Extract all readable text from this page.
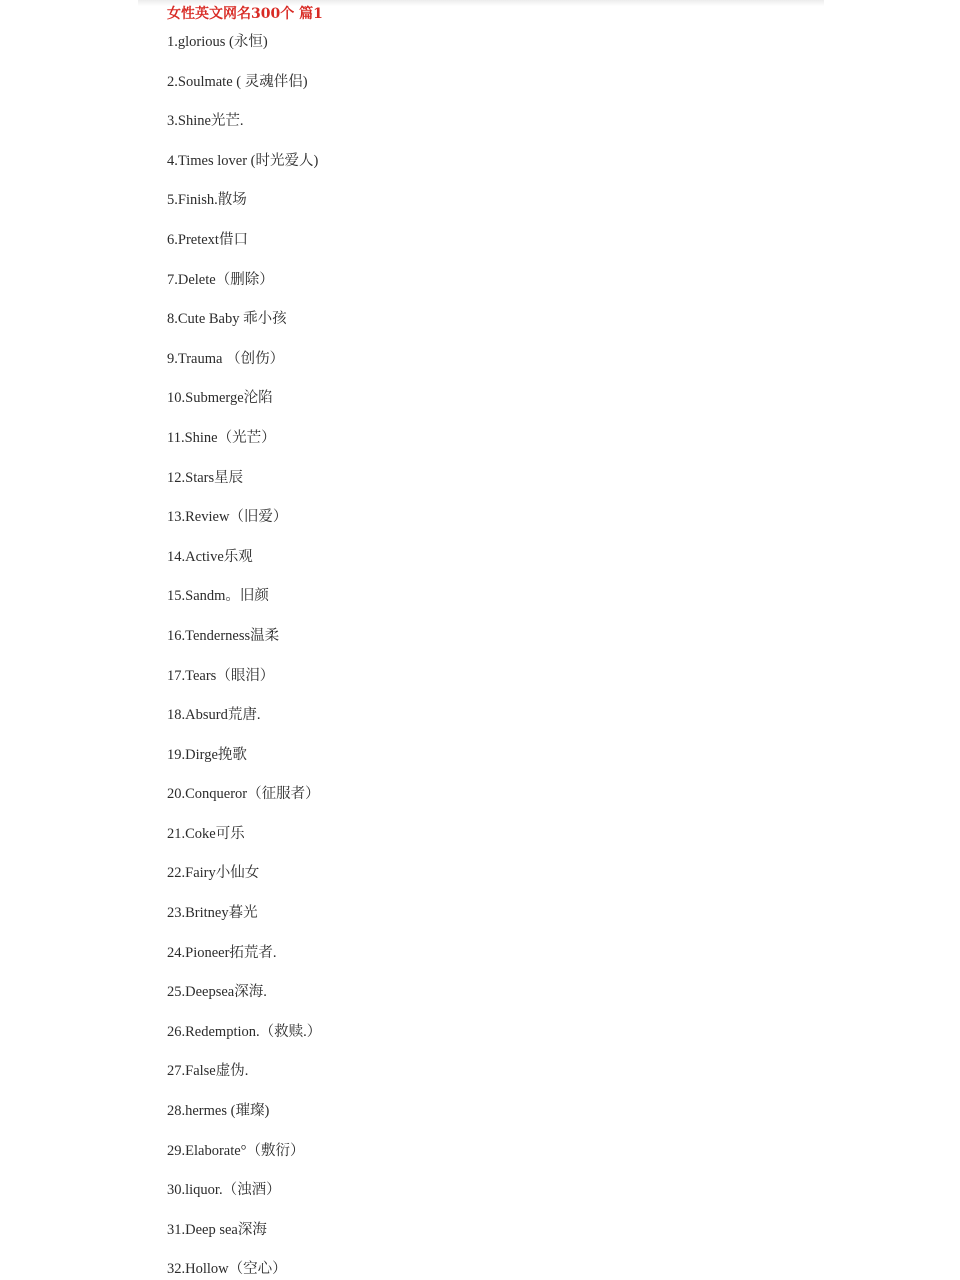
女性英文网名300个 篇1
1.glorious (永恒)
2.Soulmate ( 灵魂伴侣)
3.Shine光芒.
4.Times lover (时光爱人)
5.Finish.散场
6.Pretext借口
7.Delete（删除）
8.Cute Baby 乖小孩
9.Trauma （创伤）
10.Submerge沦陷
11.Shine（光芒）
12.Stars星辰
13.Review（旧爱）
14.Active乐观
15.Sandm。旧颜
16.Tenderness温柔
17.Tears（眼泪）
18.Absurd荒唐.
19.Dirge挽歌
20.Conqueror（征服者）
21.Coke可乐
22.Fairy小仙女
23.Britney暮光
24.Pioneer拓荒者.
25.Deepsea深海.
26.Redemption.（救赎.）
27.False虚伪.
28.hermes (璀璨)
29.Elaborate°（敷衍）
30.liquor.（浊酒）
31.Deep sea深海
32.Hollow（空心）
